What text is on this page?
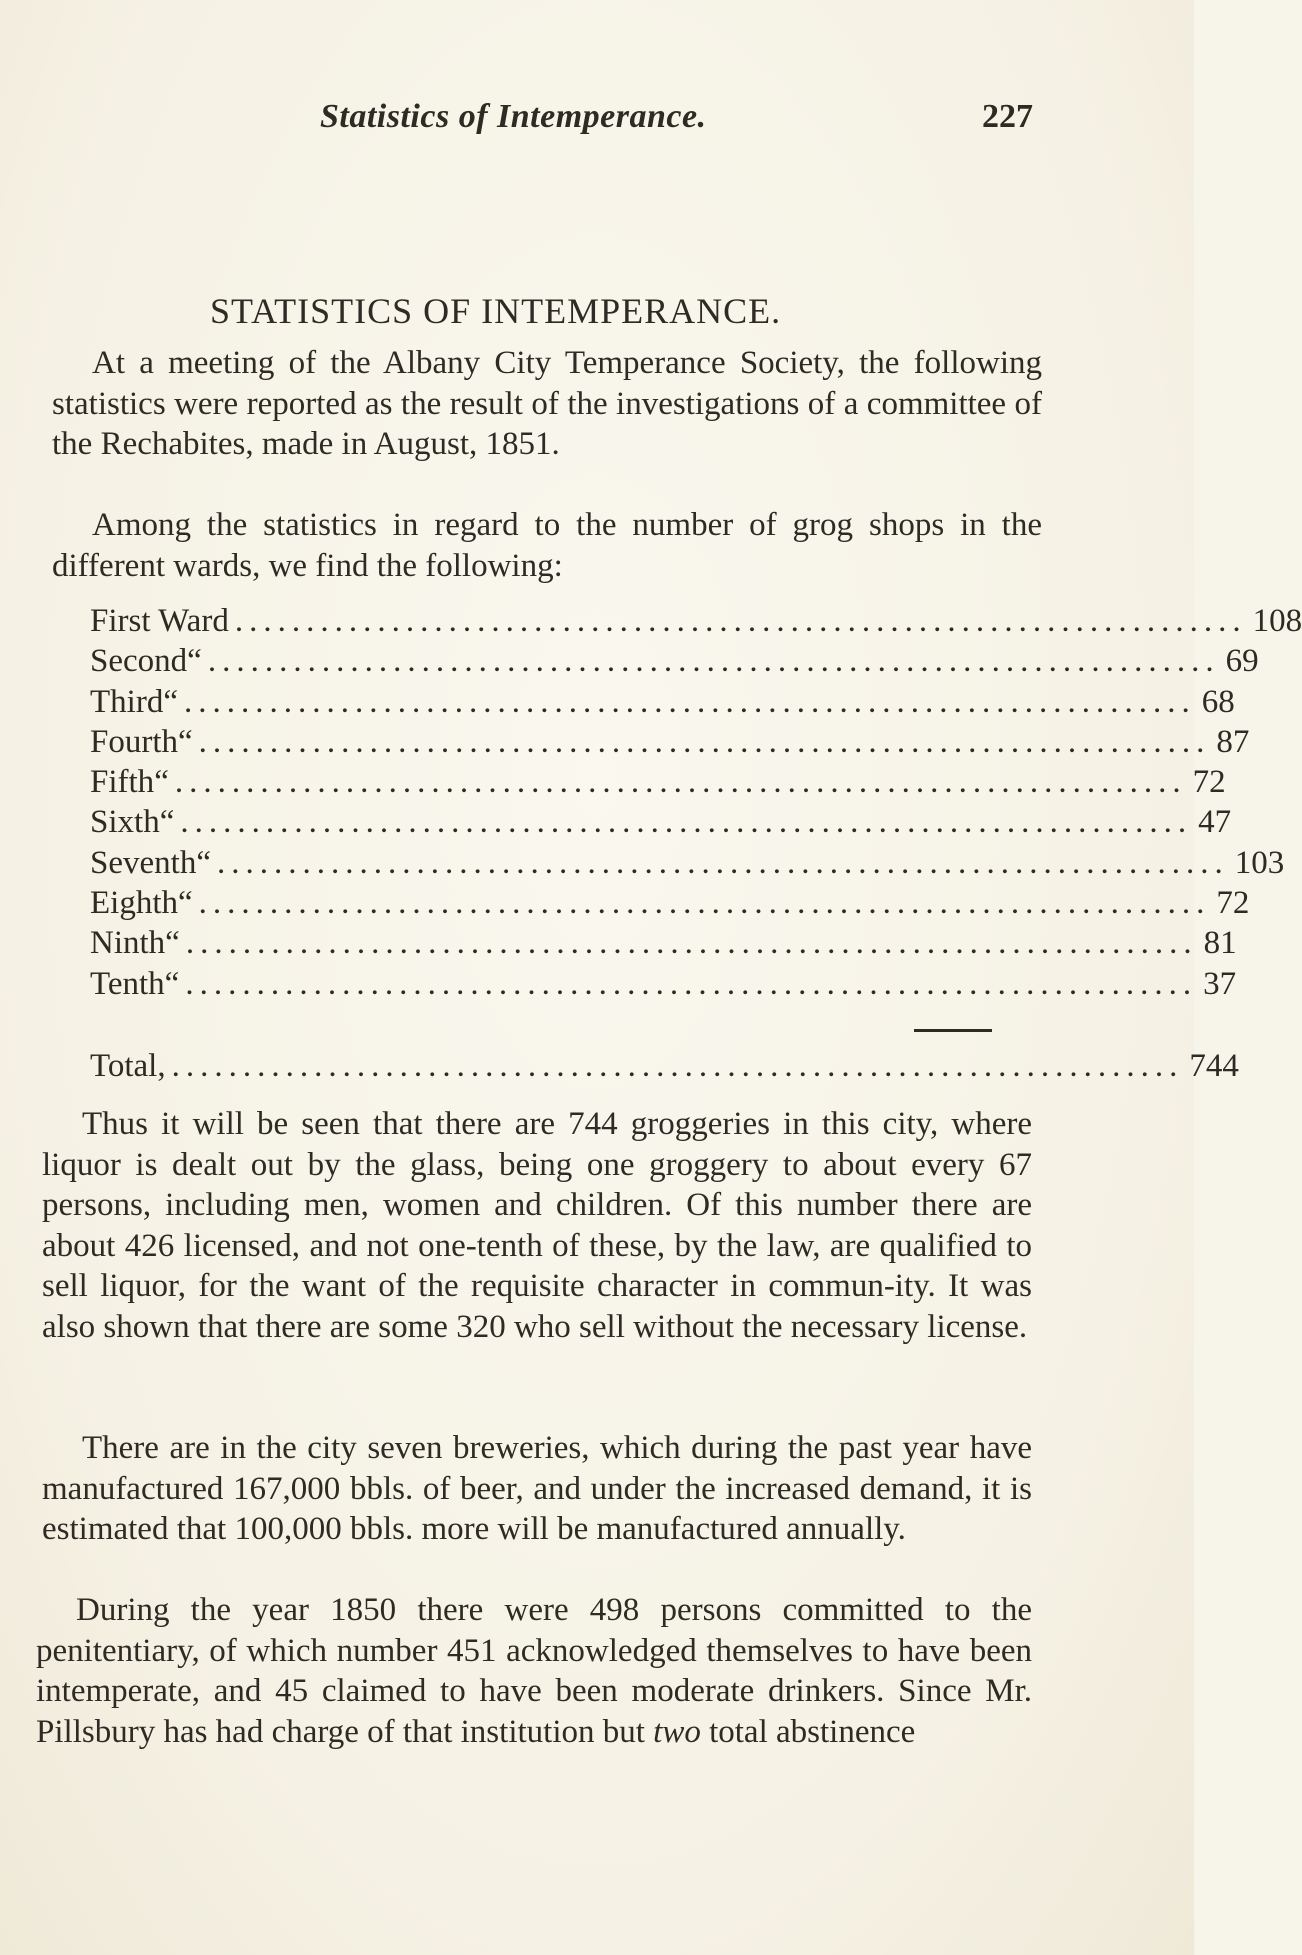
Statistics of Intemperance.	227
STATISTICS OF INTEMPERANCE.
At a meeting of the Albany City Temperance Society, the following statistics were reported as the result of the investigations of a committee of the Rechabites, made in August, 1851.
Among the statistics in regard to the number of grog shops in the different wards, we find the following:
First Ward ....................................................................... 108
Second “ ....................................................................... 69
Third “ ....................................................................... 68
Fourth “ ....................................................................... 87
Fifth “ ....................................................................... 72
Sixth “ ....................................................................... 47
Seventh “ ....................................................................... 103
Eighth “ ....................................................................... 72
Ninth “ ....................................................................... 81
Tenth “ ....................................................................... 37
Total, ....................................................................... 744
Thus it will be seen that there are 744 groggeries in this city, where liquor is dealt out by the glass, being one groggery to about every 67 persons, including men, women and children. Of this number there are about 426 licensed, and not one-tenth of these, by the law, are qualified to sell liquor, for the want of the requisite character in commun-ity. It was also shown that there are some 320 who sell without the necessary license.
There are in the city seven breweries, which during the past year have manufactured 167,000 bbls. of beer, and under the increased demand, it is estimated that 100,000 bbls. more will be manufactured annually.
During the year 1850 there were 498 persons committed to the penitentiary, of which number 451 acknowledged themselves to have been intemperate, and 45 claimed to have been moderate drinkers. Since Mr. Pillsbury has had charge of that institution but two total abstinence
